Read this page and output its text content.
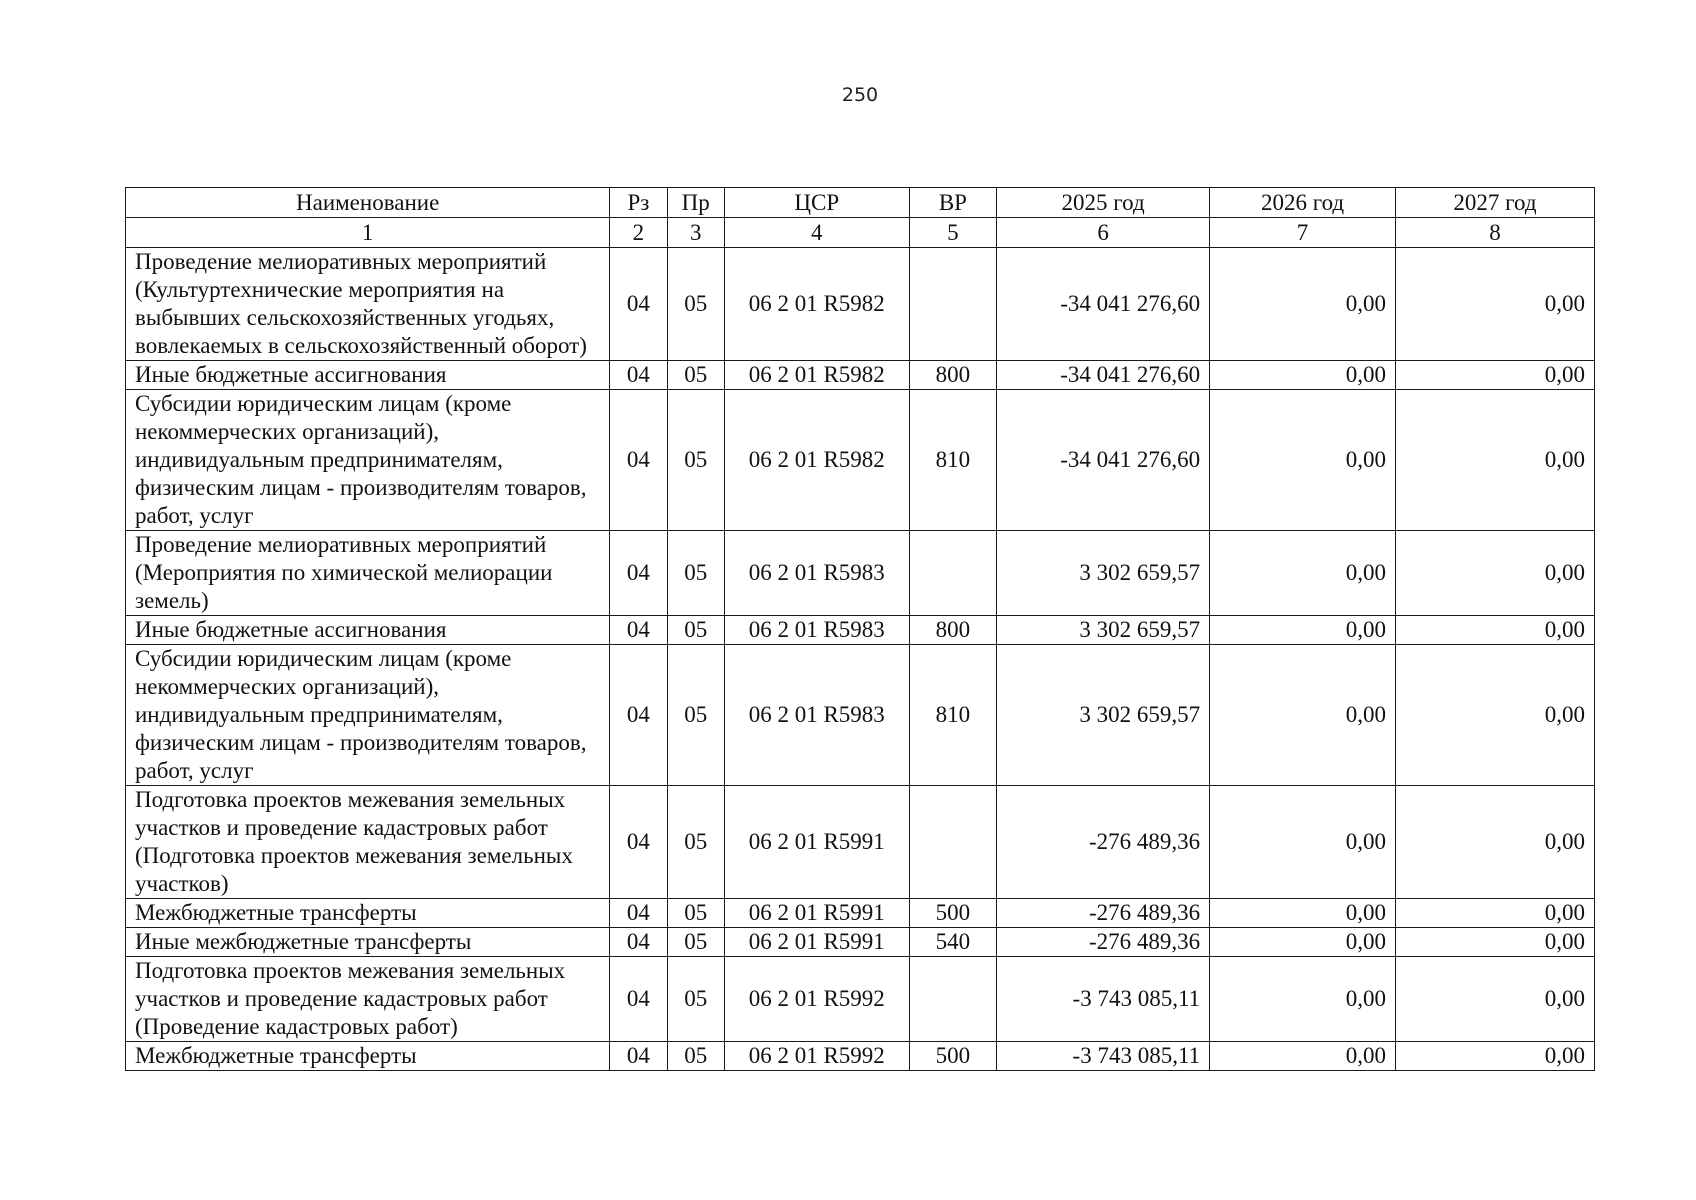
250
Наименование	Рз	Пр	ЦСР	ВР	2025 год	2026 год	2027 год
1	2	3	4	5	6	7	8
Проведение мелиоративных мероприятий (Культуртехнические мероприятия на выбывших сельскохозяйственных угодьях, вовлекаемых в сельскохозяйственный оборот)	04	05	06 2 01 R5982		-34 041 276,60	0,00	0,00
Иные бюджетные ассигнования	04	05	06 2 01 R5982	800	-34 041 276,60	0,00	0,00
Субсидии юридическим лицам (кроме некоммерческих организаций), индивидуальным предпринимателям, физическим лицам - производителям товаров, работ, услуг	04	05	06 2 01 R5982	810	-34 041 276,60	0,00	0,00
Проведение мелиоративных мероприятий (Мероприятия по химической мелиорации земель)	04	05	06 2 01 R5983		3 302 659,57	0,00	0,00
Иные бюджетные ассигнования	04	05	06 2 01 R5983	800	3 302 659,57	0,00	0,00
Субсидии юридическим лицам (кроме некоммерческих организаций), индивидуальным предпринимателям, физическим лицам - производителям товаров, работ, услуг	04	05	06 2 01 R5983	810	3 302 659,57	0,00	0,00
Подготовка проектов межевания земельных участков и проведение кадастровых работ (Подготовка проектов межевания земельных участков)	04	05	06 2 01 R5991		-276 489,36	0,00	0,00
Межбюджетные трансферты	04	05	06 2 01 R5991	500	-276 489,36	0,00	0,00
Иные межбюджетные трансферты	04	05	06 2 01 R5991	540	-276 489,36	0,00	0,00
Подготовка проектов межевания земельных участков и проведение кадастровых работ (Проведение кадастровых работ)	04	05	06 2 01 R5992		-3 743 085,11	0,00	0,00
Межбюджетные трансферты	04	05	06 2 01 R5992	500	-3 743 085,11	0,00	0,00
